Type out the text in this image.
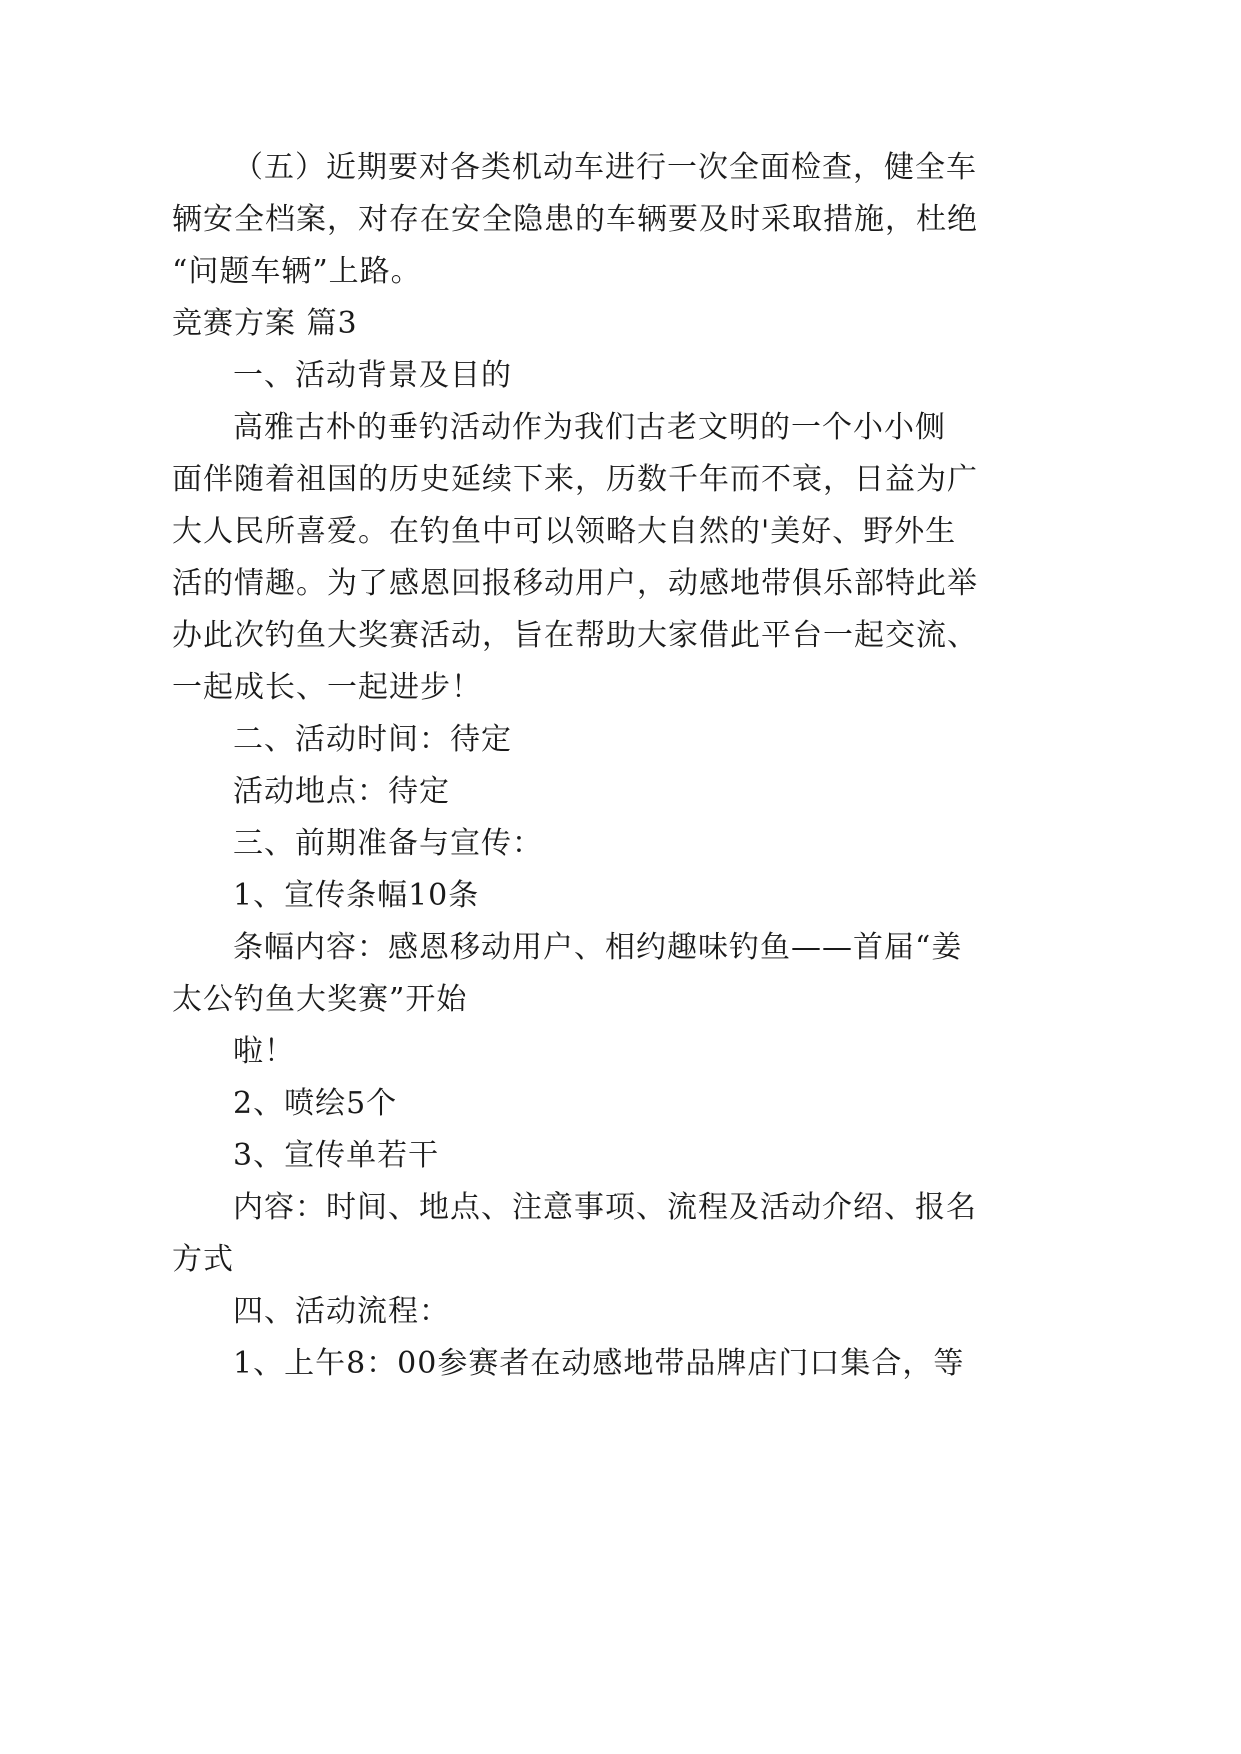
（五）近期要对各类机动车进行一次全面检查，健全车
辆安全档案，对存在安全隐患的车辆要及时采取措施，杜绝
“问题车辆”上路。
竞赛方案 篇3
一、活动背景及目的
高雅古朴的垂钓活动作为我们古老文明的一个小小侧
面伴随着祖国的历史延续下来，历数千年而不衰，日益为广
大人民所喜爱。在钓鱼中可以领略大自然的'美好、野外生
活的情趣。为了感恩回报移动用户，动感地带俱乐部特此举
办此次钓鱼大奖赛活动，旨在帮助大家借此平台一起交流、
一起成长、一起进步！
二、活动时间：待定
活动地点：待定
三、前期准备与宣传：
1、宣传条幅10条
条幅内容：感恩移动用户、相约趣味钓鱼——首届“姜
太公钓鱼大奖赛”开始
啦！
2、喷绘5个
3、宣传单若干
内容：时间、地点、注意事项、流程及活动介绍、报名
方式
四、活动流程：
1、上午8：00参赛者在动感地带品牌店门口集合，等
